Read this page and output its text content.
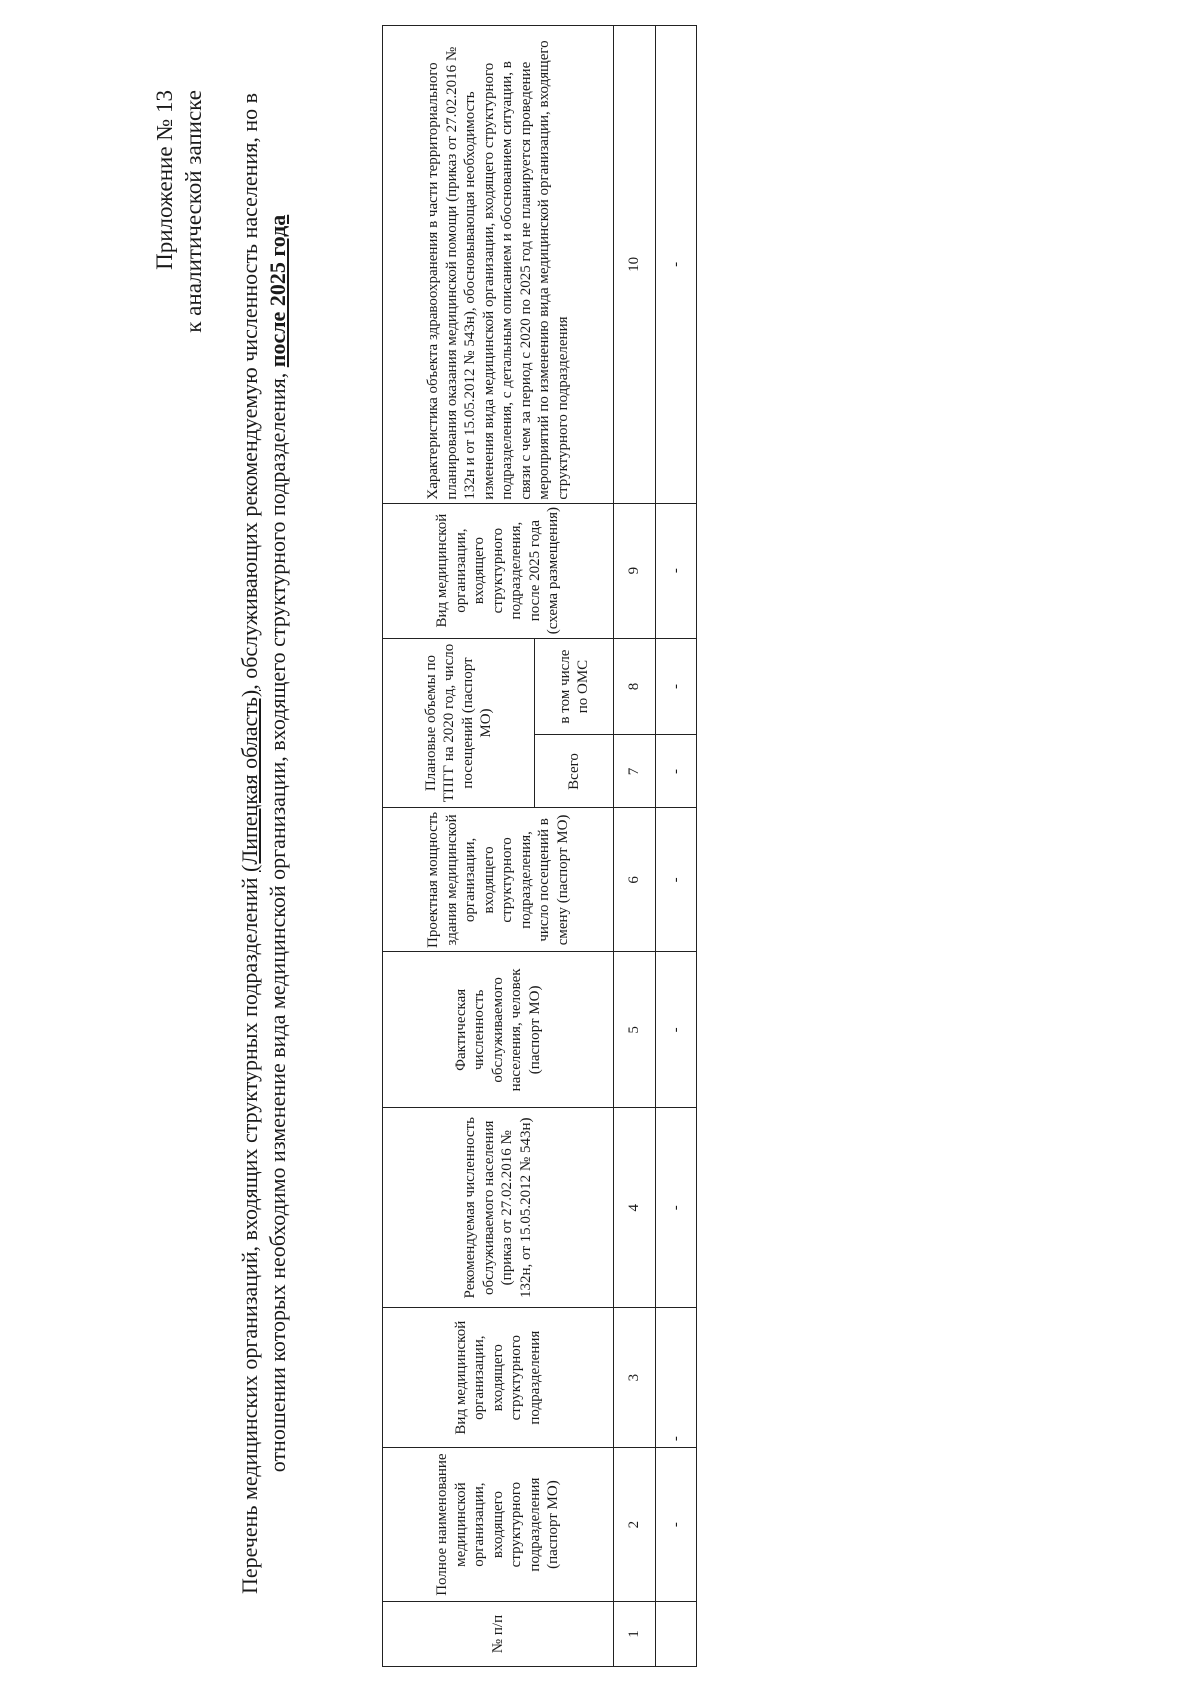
Приложение № 13 к аналитической записке
Перечень медицинских организаций, входящих структурных подразделений (Липецкая область), обслуживающих рекомендуемую численность населения, но в отношении которых необходимо изменение вида медицинской организации, входящего структурного подразделения, после 2025 года
№ п/п	Полное наименование медицинской организации, входящего структурного подразделения (паспорт МО)	Вид медицинской организации, входящего структурного подразделения	Рекомендуемая численность обслуживаемого населения (приказ от 27.02.2016 № 132н, от 15.05.2012 № 543н)	Фактическая численность обслуживаемого населения, человек (паспорт МО)	Проектная мощность здания медицинской организации, входящего структурного подразделения, число посещений в смену (паспорт МО)	Плановые объемы по ТПГГ на 2020 год, число посещений (паспорт МО)		Вид медицинской организации, входящего структурного подразделения, после 2025 года (схема размещения)	Характеристика объекта здравоохранения в части территориального планирования оказания медицинской помощи (приказ от 27.02.2016 № 132н и от 15.05.2012 № 543н), обосновывающая необходимость изменения вида медицинской организации, входящего структурного подразделения, с детальным описанием и обоснованием ситуации, в связи с чем за период с 2020 по 2025 год не планируется проведение мероприятий по изменению вида медицинской организации, входящего структурного подразделения
						Всего	в том числе по ОМС		
1	2	3	4	5	6	7	8	9	10
	-	-	-	-	-	-	-	-	-
